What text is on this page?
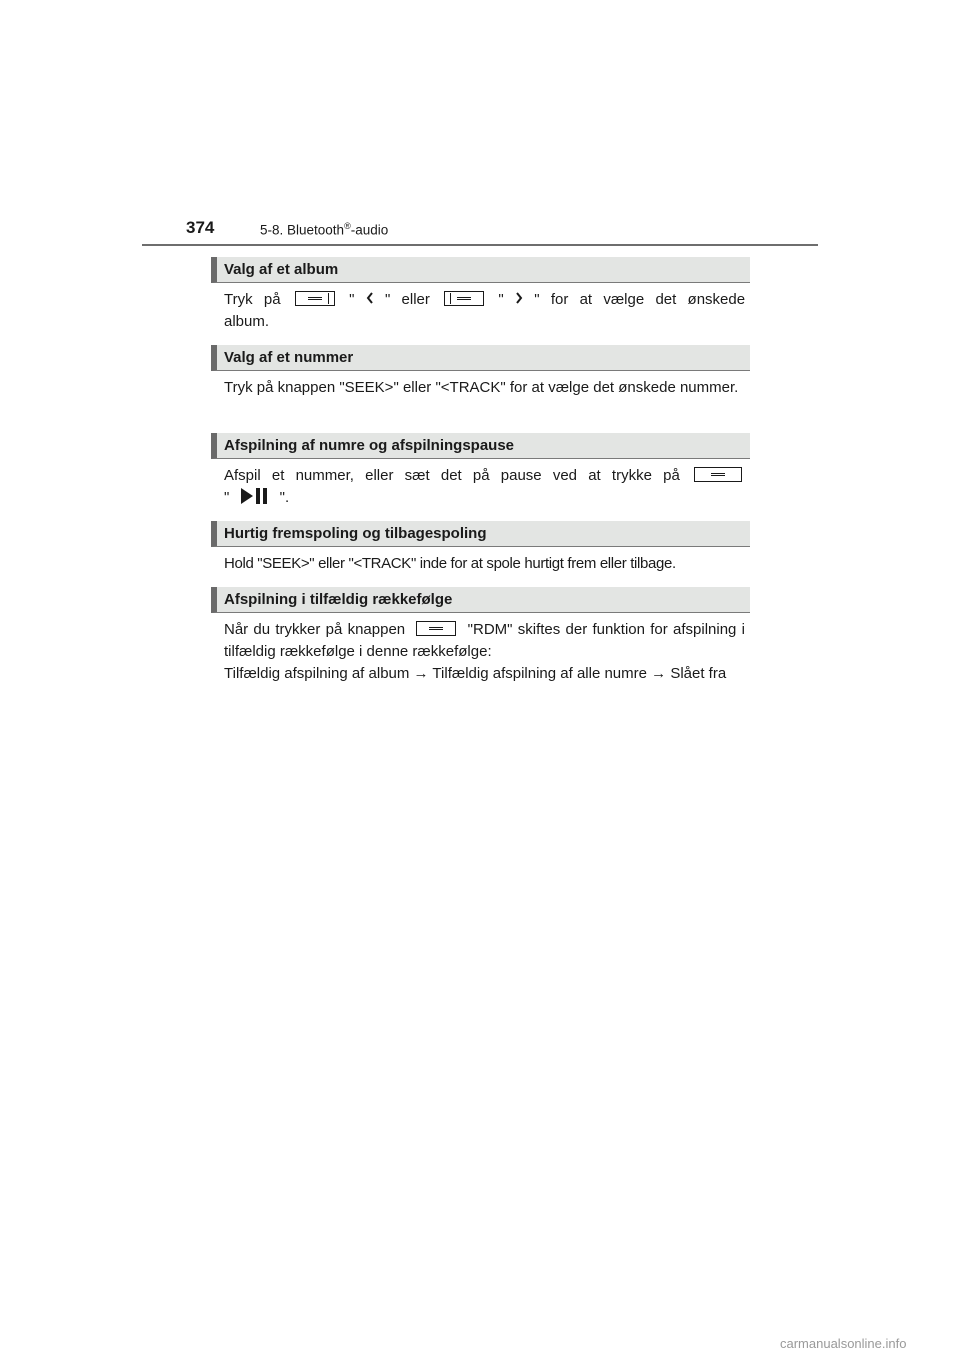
374	5-8. Bluetooth®-audio
Valg af et album
Tryk på	" " eller	" " for at vælge det ønskede
album.
Valg af et nummer
Tryk på knappen "SEEK>" eller "<TRACK" for at vælge det ønskede nummer.
Afspilning af numre og afspilningspause
Afspil et nummer, eller sæt det på pause ved at trykke på
"	".
Hurtig fremspoling og tilbagespoling
Hold "SEEK>" eller "<TRACK" inde for at spole hurtigt frem eller tilbage.
Afspilning i tilfældig rækkefølge
Når du trykker på knappen	"RDM" skiftes der funktion for afspilning i tilfældig rækkefølge i denne rækkefølge:
Tilfældig afspilning af album → Tilfældig afspilning af alle numre → Slået fra
carmanualsonline.info
